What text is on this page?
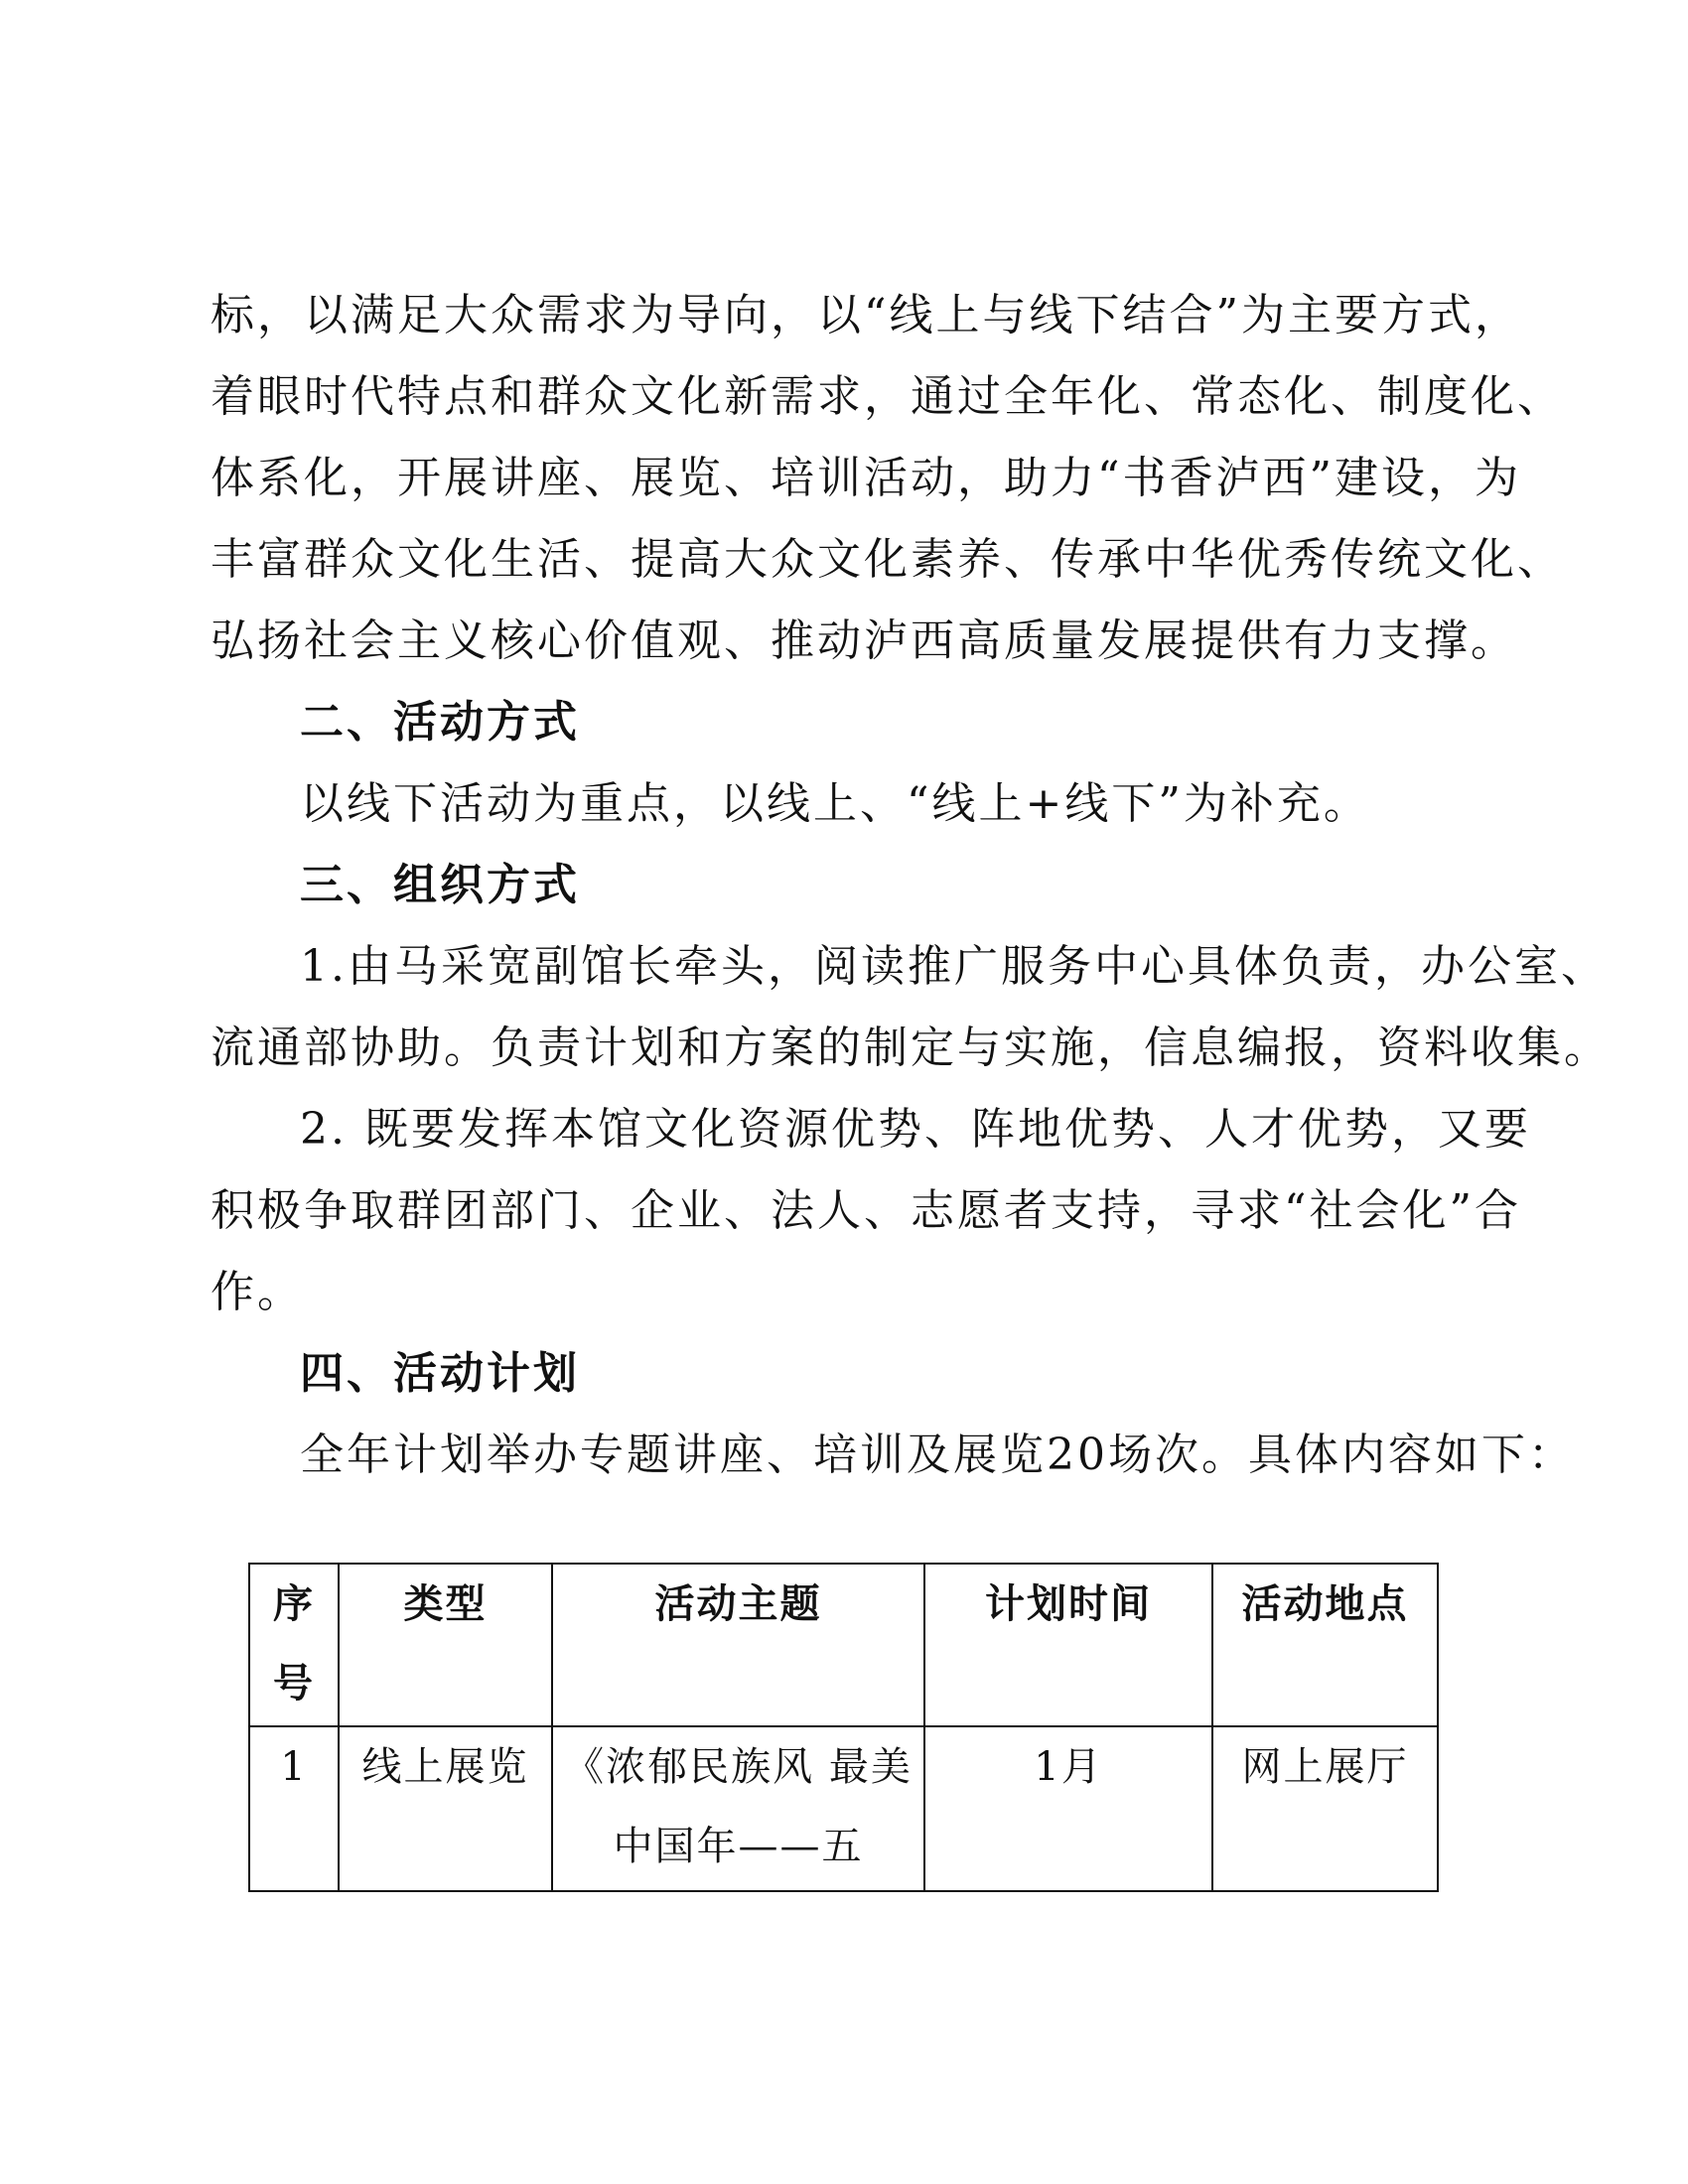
标，以满足大众需求为导向，以“线上与线下结合”为主要方式，
着眼时代特点和群众文化新需求，通过全年化、常态化、制度化、
体系化，开展讲座、展览、培训活动，助力“书香泸西”建设，为
丰富群众文化生活、提高大众文化素养、传承中华优秀传统文化、
弘扬社会主义核心价值观、推动泸西高质量发展提供有力支撑。
二、活动方式
以线下活动为重点，以线上、“线上+线下”为补充。
三、组织方式
1.由马采宽副馆长牵头，阅读推广服务中心具体负责，办公室、
流通部协助。负责计划和方案的制定与实施，信息编报，资料收集。
2. 既要发挥本馆文化资源优势、阵地优势、人才优势，又要
积极争取群团部门、企业、法人、志愿者支持，寻求“社会化”合
作。
四、活动计划
全年计划举办专题讲座、培训及展览20场次。具体内容如下：
序号	类型	活动主题	计划时间	活动地点
1	线上展览	《浓郁民族风 最美中国年——五	1月	网上展厅
